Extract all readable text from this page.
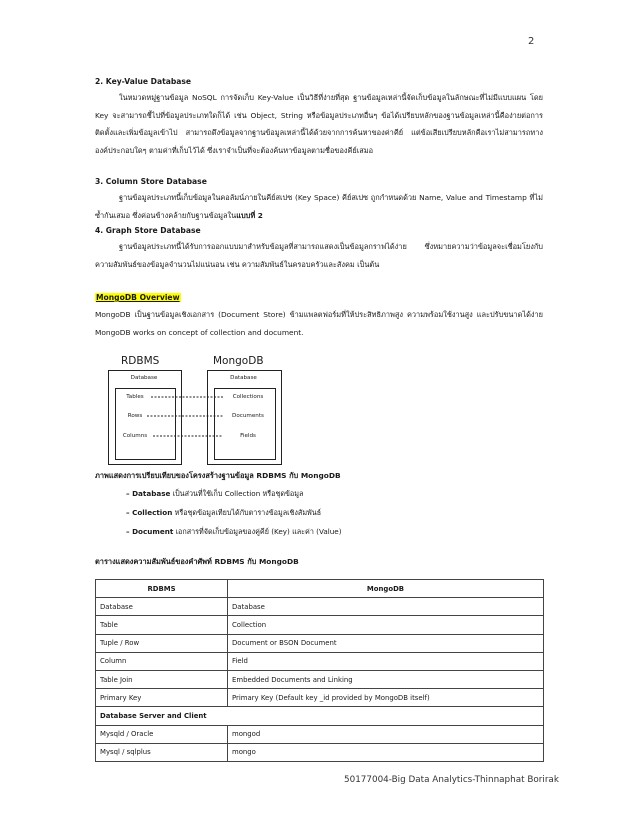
2
2. Key-Value Database
ในหมวดหมู่ฐานข้อมูล NoSQL การจัดเก็บ Key-Value เป็นวิธีที่ง่ายที่สุด ฐานข้อมูลเหล่านี้จัดเก็บข้อมูลในลักษณะที่ไม่มีแบบแผน โดย Key จะสามารถชี้ไปที่ข้อมูลประเภทใดก็ได้ เช่น Object, String หรือข้อมูลประเภทอื่นๆ ข้อได้เปรียบหลักของฐานข้อมูลเหล่านี้คือง่ายต่อการติดตั้งและเพิ่มข้อมูลเข้าไป สามารถดึงข้อมูลจากฐานข้อมูลเหล่านี้ได้ด้วยจากการค้นหาของค่าคีย์ แต่ข้อเสียเปรียบหลักคือเราไม่สามารถทางองค์ประกอบใดๆ ตามค่าที่เก็บไว้ได้ ซึ่งเราจำเป็นที่จะต้องค้นหาข้อมูลตามชื่อของคีย์เสมอ
3. Column Store Database
ฐานข้อมูลประเภทนี้เก็บข้อมูลในคอลัมน์ภายในคีย์สเปซ (Key Space) คีย์สเปซ ถูกกำหนดด้วย Name, Value and Timestamp ที่ไม่ซ้ำกันเสมอ ซึ่งค่อนข้างคล้ายกับฐานข้อมูลในแบบที่ 2
4. Graph Store Database
ฐานข้อมูลประเภทนี้ได้รับการออกแบบมาสำหรับข้อมูลที่สามารถแสดงเป็นข้อมูลกราฟได้ง่าย ซึ่งหมายความว่าข้อมูลจะเชื่อมโยงกับความสัมพันธ์ของข้อมูลจำนวนไม่แน่นอน เช่น ความสัมพันธ์ในครอบครัวและสังคม เป็นต้น
MongoDB Overview
MongoDB เป็นฐานข้อมูลเชิงเอกสาร (Document Store) ข้ามแพลตฟอร์มที่ให้ประสิทธิภาพสูง ความพร้อมใช้งานสูง และปรับขนาดได้ง่าย MongoDB works on concept of collection and document.
RDBMS	MongoDB
Database	Database
Tables
Rows
Columns
Collections
Documents
Fields
ภาพแสดงการเปรียบเทียบของโครงสร้างฐานข้อมูล RDBMS กับ MongoDB
– Database เป็นส่วนที่ใช้เก็บ Collection หรือชุดข้อมูล
– Collection หรือชุดข้อมูลเทียบได้กับตารางข้อมูลเชิงสัมพันธ์
– Document เอกสารที่จัดเก็บข้อมูลของคู่คีย์ (Key) และค่า (Value)
ตารางแสดงความสัมพันธ์ของคำศัพท์ RDBMS กับ MongoDB
RDBMS	MongoDB
Database	Database
Table	Collection
Tuple / Row	Document or BSON Document
Column	Field
Table Join	Embedded Documents and Linking
Primary Key	Primary Key (Default key _id provided by MongoDB itself)
Database Server and Client	
Mysqld / Oracle	mongod
Mysql / sqlplus	mongo
50177004-Big Data Analytics-Thinnaphat Borirak
